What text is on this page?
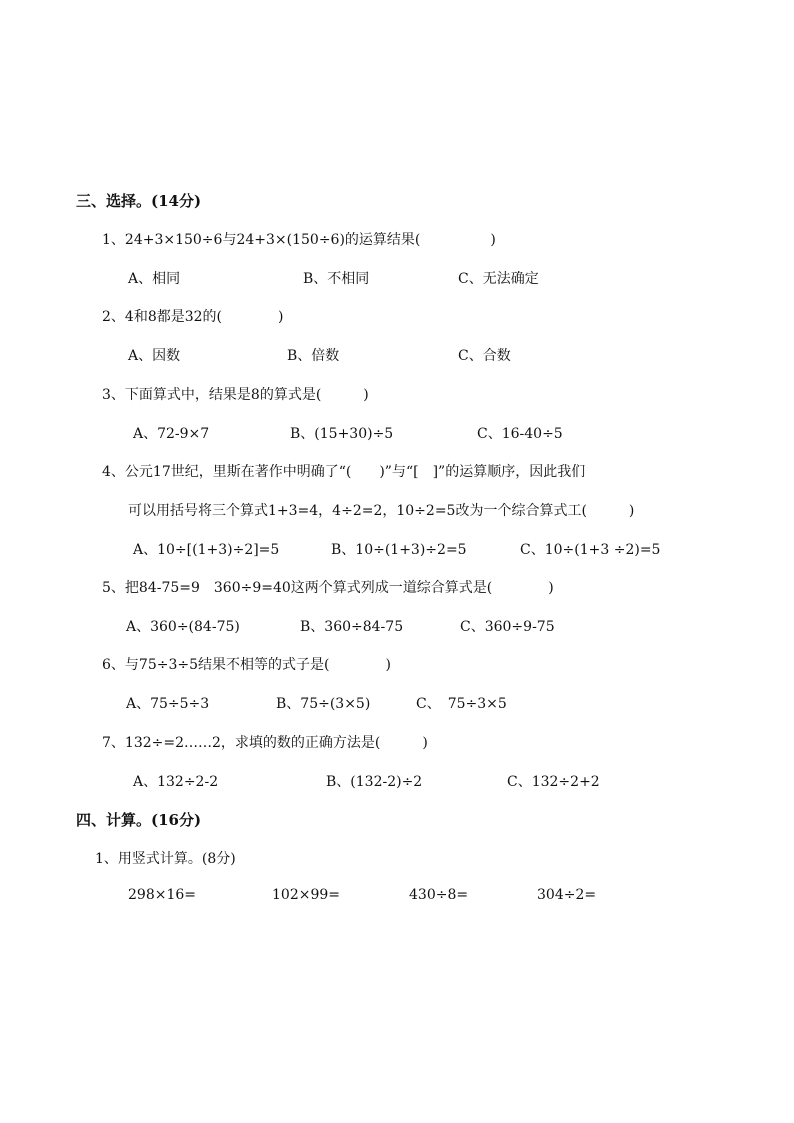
三、选择。(14分)
1、24+3×150÷6与24+3×(150÷6)的运算结果(　　　　　)
A、相同	B、不相同	C、无法确定
2、4和8都是32的(　　　　)
A、因数	B、倍数	C、合数
3、下面算式中，结果是8的算式是(　　　)
A、72-9×7	B、(15+30)÷5	C、16-40÷5
4、公元17世纪，里斯在著作中明确了“(　　)”与“[　]”的运算顺序，因此我们
可以用括号将三个算式1+3=4，4÷2=2，10÷2=5改为一个综合算式工(　　　)
A、10÷[(1+3)÷2]=5	B、10÷(1+3)÷2=5	C、10÷(1+3 ÷2)=5
5、把84-75=9　360÷9=40这两个算式列成一道综合算式是(　　　　)
A、360÷(84-75)	B、360÷84-75	C、360÷9-75
6、与75÷3÷5结果不相等的式子是(　　　　)
A、75÷5÷3	B、75÷(3×5)	C、　75÷3×5
7、132÷=2……2，求填的数的正确方法是(　　　)
A、132÷2-2	B、(132-2)÷2	C、132÷2+2
四、计算。(16分)
1、用竖式计算。(8分)
298×16=	102×99=	430÷8=	304÷2=
